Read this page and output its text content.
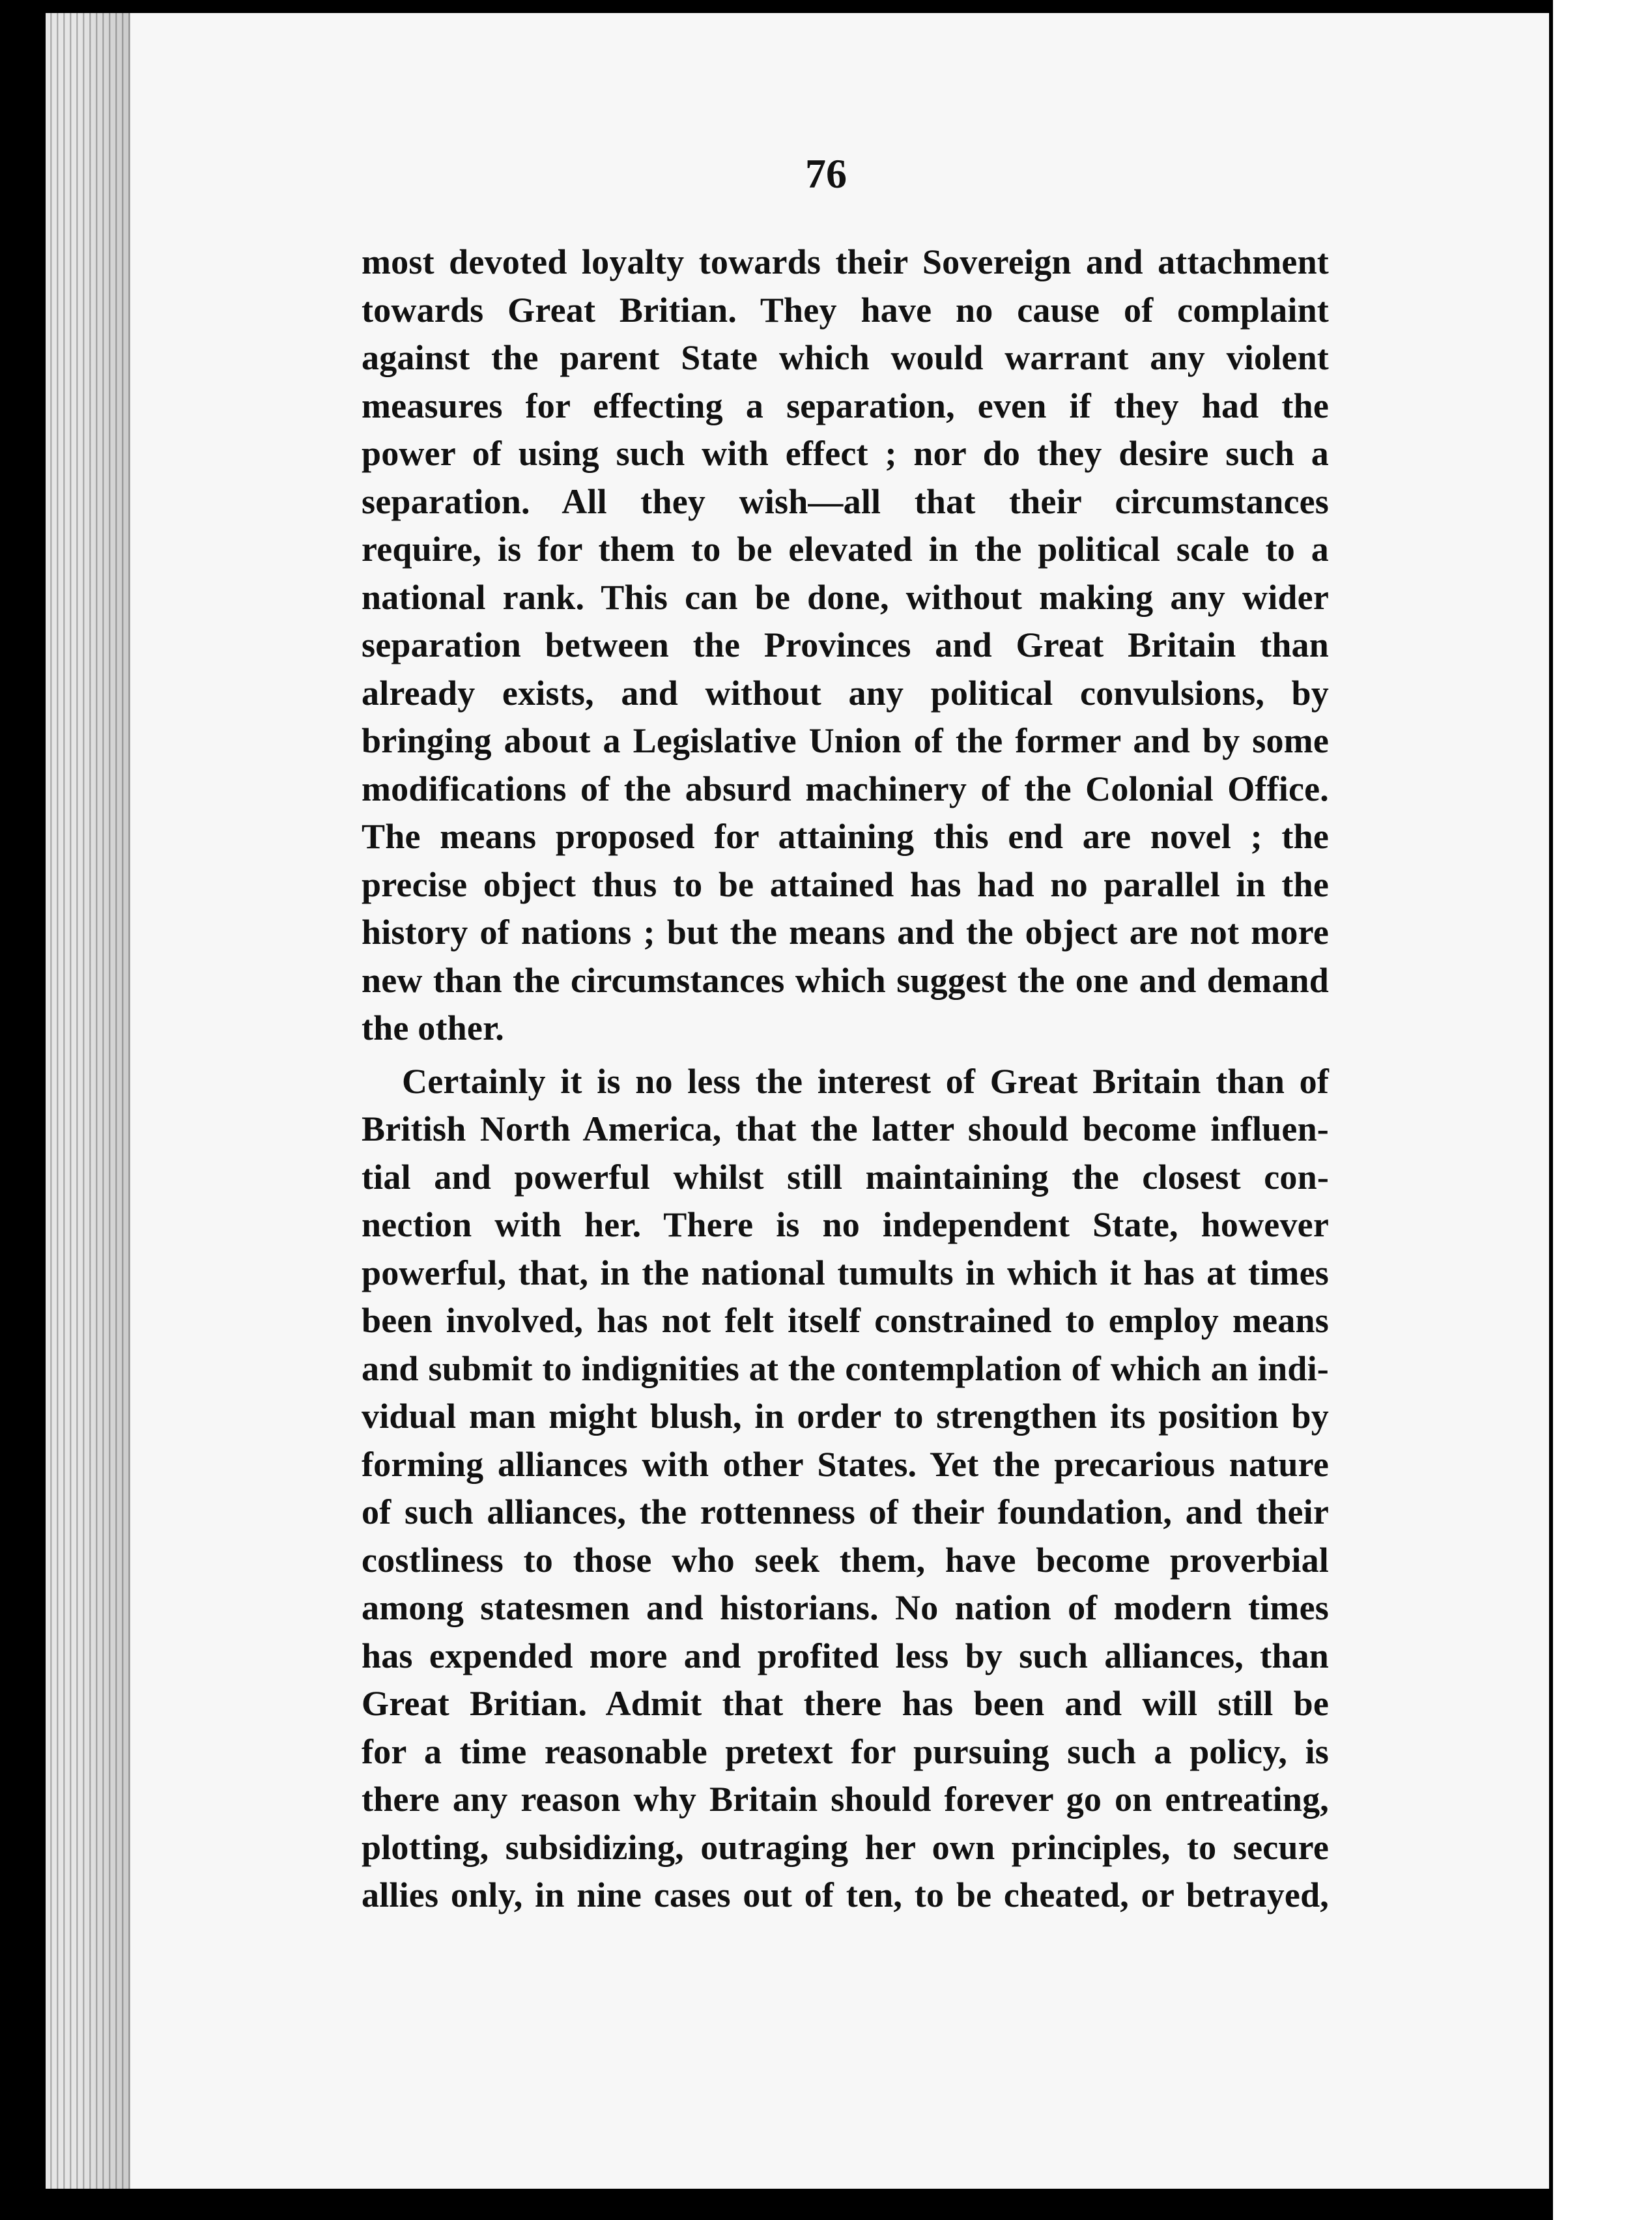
76
most devoted loyalty towards their Sovereign and attachment
towards Great Britian. They have no cause of complaint
against the parent State which would warrant any violent
measures for effecting a separation, even if they had the
power of using such with effect ; nor do they desire such a
separation. All they wish—all that their circumstances
require, is for them to be elevated in the political scale to a
national rank. This can be done, without making any wider
separation between the Provinces and Great Britain than
already exists, and without any political convulsions, by
bringing about a Legislative Union of the former and by some
modifications of the absurd machinery of the Colonial Office.
The means proposed for attaining this end are novel ; the
precise object thus to be attained has had no parallel in the
history of nations ; but the means and the object are not more
new than the circumstances which suggest the one and demand
the other.
Certainly it is no less the interest of Great Britain than of
British North America, that the latter should become influen-
tial and powerful whilst still maintaining the closest con-
nection with her. There is no independent State, however
powerful, that, in the national tumults in which it has at times
been involved, has not felt itself constrained to employ means
and submit to indignities at the contemplation of which an indi-
vidual man might blush, in order to strengthen its position by
forming alliances with other States. Yet the precarious nature
of such alliances, the rottenness of their foundation, and their
costliness to those who seek them, have become proverbial
among statesmen and historians. No nation of modern times
has expended more and profited less by such alliances, than
Great Britian. Admit that there has been and will still be
for a time reasonable pretext for pursuing such a policy, is
there any reason why Britain should forever go on entreating,
plotting, subsidizing, outraging her own principles, to secure
allies only, in nine cases out of ten, to be cheated, or betrayed,
